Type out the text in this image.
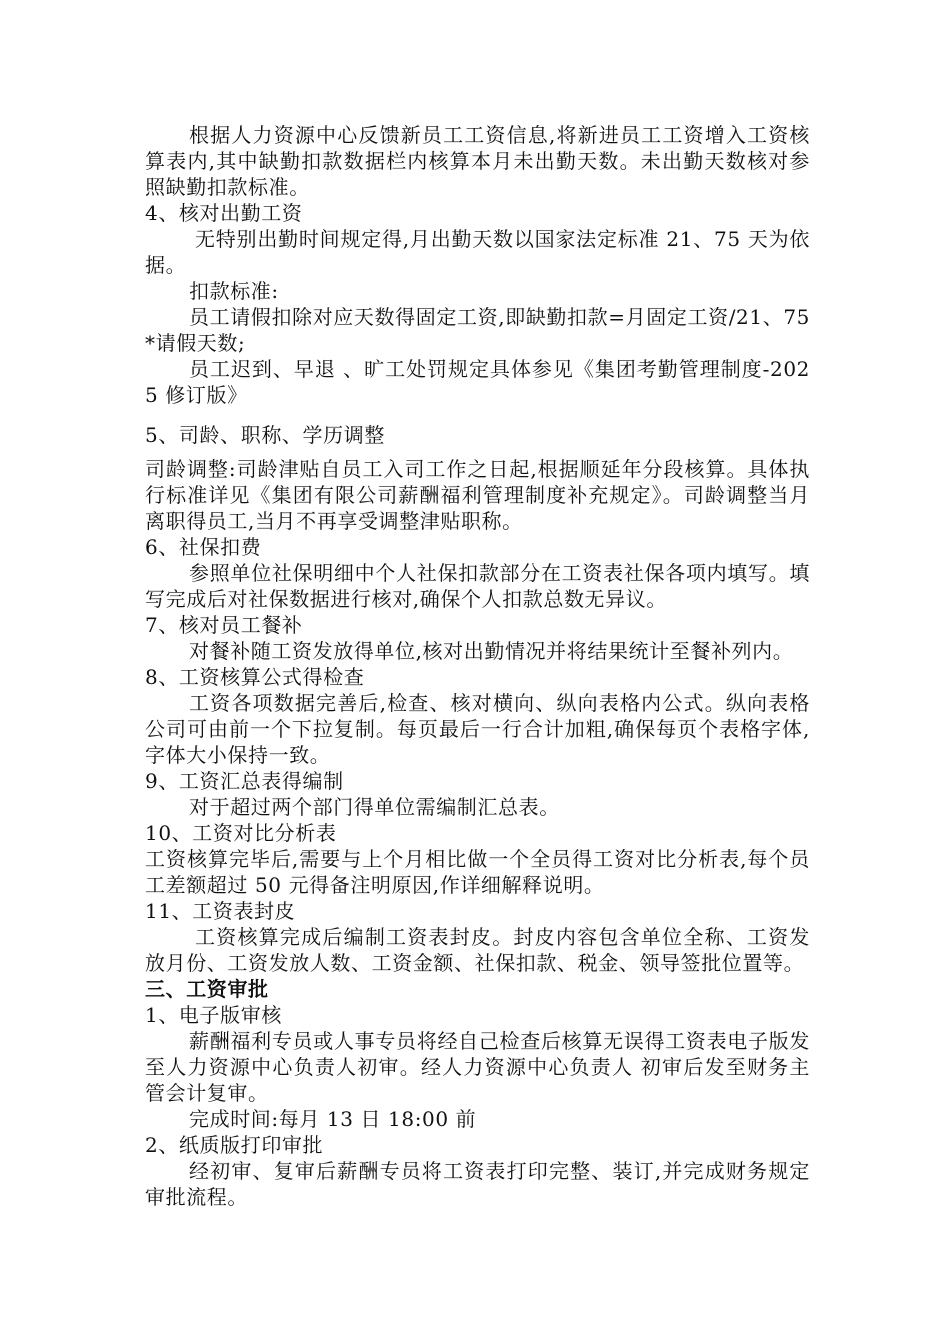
根据人力资源中心反馈新员工工资信息,将新进员工工资增入工资核算表内,其中缺勤扣款数据栏内核算本月未出勤天数。未出勤天数核对参照缺勤扣款标准。

4、核对出勤工资

无特别出勤时间规定得,月出勤天数以国家法定标准 21、75 天为依据。

扣款标准:

员工请假扣除对应天数得固定工资,即缺勤扣款=月固定工资/21、75*请假天数;

员工迟到、早退 、旷工处罚规定具体参见《集团考勤管理制度-2025 修订版》

5、司龄、职称、学历调整

司龄调整:司龄津贴自员工入司工作之日起,根据顺延年分段核算。具体执行标准详见《集团有限公司薪酬福利管理制度补充规定》。司龄调整当月离职得员工,当月不再享受调整津贴职称。

6、社保扣费

参照单位社保明细中个人社保扣款部分在工资表社保各项内填写。填写完成后对社保数据进行核对,确保个人扣款总数无异议。

7、核对员工餐补

对餐补随工资发放得单位,核对出勤情况并将结果统计至餐补列内。

8、工资核算公式得检查

工资各项数据完善后,检查、核对横向、纵向表格内公式。纵向表格公司可由前一个下拉复制。每页最后一行合计加粗,确保每页个表格字体,字体大小保持一致。

9、工资汇总表得编制

对于超过两个部门得单位需编制汇总表。

10、工资对比分析表

工资核算完毕后,需要与上个月相比做一个全员得工资对比分析表,每个员工差额超过 50 元得备注明原因,作详细解释说明。

11、工资表封皮

工资核算完成后编制工资表封皮。封皮内容包含单位全称、工资发放月份、工资发放人数、工资金额、社保扣款、税金、领导签批位置等。

三、工资审批

1、电子版审核

薪酬福利专员或人事专员将经自己检查后核算无误得工资表电子版发至人力资源中心负责人初审。经人力资源中心负责人 初审后发至财务主管会计复审。

完成时间:每月 13 日 18:00 前

2、纸质版打印审批

经初审、复审后薪酬专员将工资表打印完整、装订,并完成财务规定审批流程。
